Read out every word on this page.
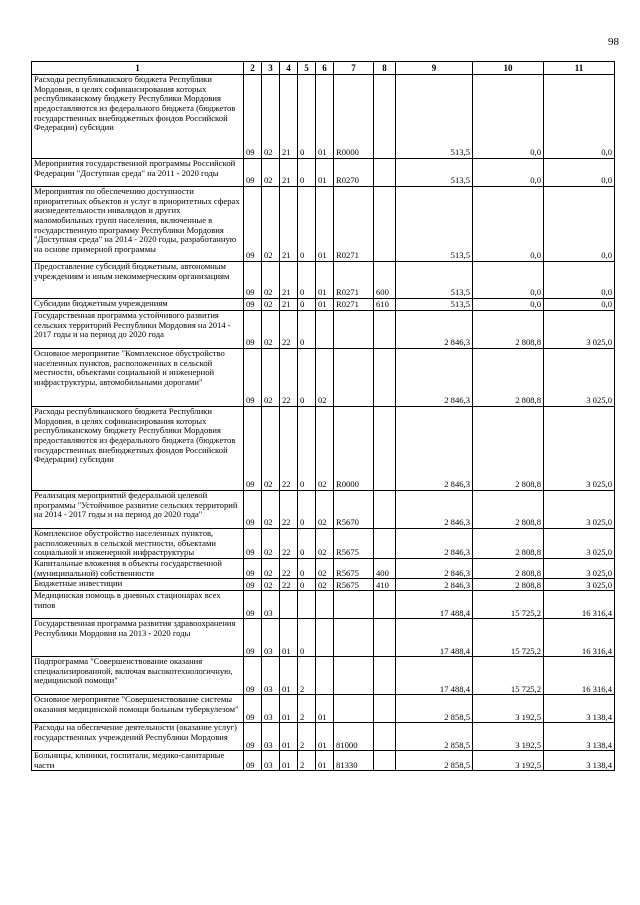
98
1	2	3	4	5	6	7	8	9	10	11
Расходы республиканского бюджета Республики Мордовия, в целях софинансирования которых республиканскому бюджету Республики Мордовия предоставляются из федерального бюджета (бюджетов государственных внебюджетных фондов Российской Федерации) субсидии	09	02	21	0	01	R0000		513,5	0,0	0,0
Мероприятия государственной программы Российской Федерации "Доступная среда" на 2011 - 2020 годы	09	02	21	0	01	R0270		513,5	0,0	0,0
Мероприятия по обеспечению доступности приоритетных объектов и услуг в приоритетных сферах жизнедеятельности инвалидов и других маломобильных групп населения, включенные в государственную программу Республики Мордовия "Доступная среда" на 2014 - 2020 годы, разработанную на основе примерной программы	09	02	21	0	01	R0271		513,5	0,0	0,0
Предоставление субсидий бюджетным, автономным учреждениям и иным некоммерческим организациям	09	02	21	0	01	R0271	600	513,5	0,0	0,0
Субсидии бюджетным учреждениям	09	02	21	0	01	R0271	610	513,5	0,0	0,0
Государственная программа устойчивого развития сельских территорий Республики Мордовия на 2014 - 2017 годы и на период до 2020 года	09	02	22	0				2 846,3	2 808,8	3 025,0
Основное мероприятие "Комплексное обустройство населенных пунктов, расположенных в сельской местности, объектами социальной и инженерной инфраструктуры, автомобильными дорогами"	09	02	22	0	02			2 846,3	2 808,8	3 025,0
Расходы республиканского бюджета Республики Мордовия, в целях софинансирования которых республиканскому бюджету Республики Мордовия предоставляются из федерального бюджета (бюджетов государственных внебюджетных фондов Российской Федерации) субсидии	09	02	22	0	02	R0000		2 846,3	2 808,8	3 025,0
Реализация мероприятий федеральной целевой программы "Устойчивое развитие сельских территорий на 2014 - 2017 годы и на период до 2020 года"	09	02	22	0	02	R5670		2 846,3	2 808,8	3 025,0
Комплексное обустройство населенных пунктов, расположенных в сельской местности, объектами социальной и инженерной инфраструктуры	09	02	22	0	02	R5675		2 846,3	2 808,8	3 025,0
Капитальные вложения в объекты государственной (муниципальной) собственности	09	02	22	0	02	R5675	400	2 846,3	2 808,8	3 025,0
Бюджетные инвестиции	09	02	22	0	02	R5675	410	2 846,3	2 808,8	3 025,0
Медицинская помощь в дневных стационарах всех типов	09	03						17 488,4	15 725,2	16 316,4
Государственная программа развития здравоохранения Республики Мордовия на 2013 - 2020 годы	09	03	01	0				17 488,4	15 725,2	16 316,4
Подпрограмма "Совершенствование оказания специализированной, включая высокотехнологичную, медицинской помощи"	09	03	01	2				17 488,4	15 725,2	16 316,4
Основное мероприятие "Совершенствование системы оказания медицинской помощи больным туберкулезом"	09	03	01	2	01			2 858,5	3 192,5	3 138,4
Расходы на обеспечение деятельности (оказание услуг) государственных учреждений Республики Мордовия	09	03	01	2	01	81000		2 858,5	3 192,5	3 138,4
Больницы, клиники, госпитали, медико-санитарные части	09	03	01	2	01	81330		2 858,5	3 192,5	3 138,4
